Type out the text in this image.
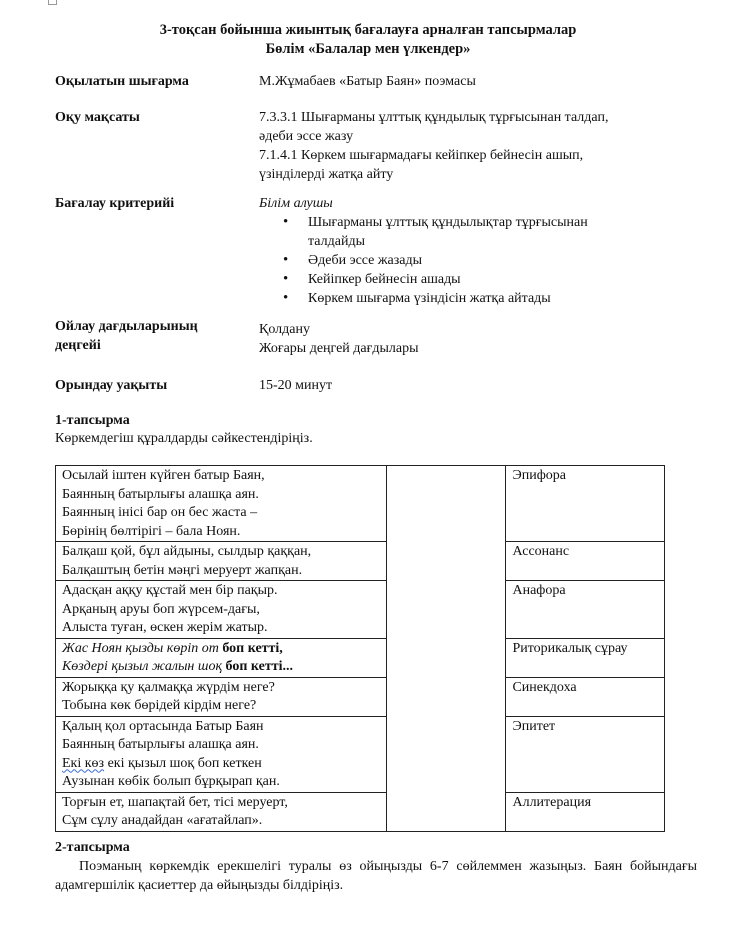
3-тоқсан бойынша жиынтық бағалауға арналған тапсырмалар
Бөлім «Балалар мен үлкендер»
Оқылатын шығарма	М.Жұмабаев «Батыр Баян» поэмасы
Оқу мақсаты	7.3.3.1 Шығарманы ұлттық құндылық тұрғысынан талдап,
әдеби эссе жазу
7.1.4.1 Көркем шығармадағы кейіпкер бейнесін ашып,
үзінділерді жатқа айту
Бағалау критерийі	Білім алушы
• Шығарманы ұлттық құндылықтар тұрғысынан
талдайды
• Әдеби эссе жазады
• Кейіпкер бейнесін ашады
• Көркем шығарма үзіндісін жатқа айтады
Ойлау дағдыларының
деңгейі
Қолдану
Жоғары деңгей дағдылары
Орындау уақыты	15-20 минут
1-тапсырма
Көркемдегіш құралдарды сәйкестендіріңіз.
Осылай іштен күйген батыр Баян,
Баянның батырлығы алашқа аян.
Баянның інісі бар он бес жаста –
Бөрінің бөлтірігі – бала Ноян.		Эпифора

Балқаш қой, бұл айдыны, сылдыр қаққан,
Балқаштың бетін мәңгі меруерт жапқан.		Ассонанс

Адасқан аққу құстай мен бір пақыр.
Арқаның аруы боп жүрсем-дағы,
Алыста туған, өскен жерім жатыр.		Анафора

Жас Ноян қызды көріп от боп кетті,
Көздері қызыл жалын шоқ боп кетті...		Риторикалық сұрау

Жорыққа қу қалмаққа жүрдім неге?
Тобына көк бөрідей кірдім неге?		Синекдоха

Қалың қол ортасында Батыр Баян
Баянның батырлығы алашқа аян.
Екі көз екі қызыл шоқ боп кеткен
Аузынан көбік болып бұрқырап қан.		Эпитет

Торғын ет, шапақтай бет, тісі меруерт,
Сұм сұлу анадайдан «ағатайлап».		Аллитерация
2-тапсырма
Поэманың көркемдік ерекшелігі туралы өз ойыңызды 6-7 сөйлеммен жазыңыз. Баян бойындағы адамгершілік қасиеттер да өйыңызды білдіріңіз.
